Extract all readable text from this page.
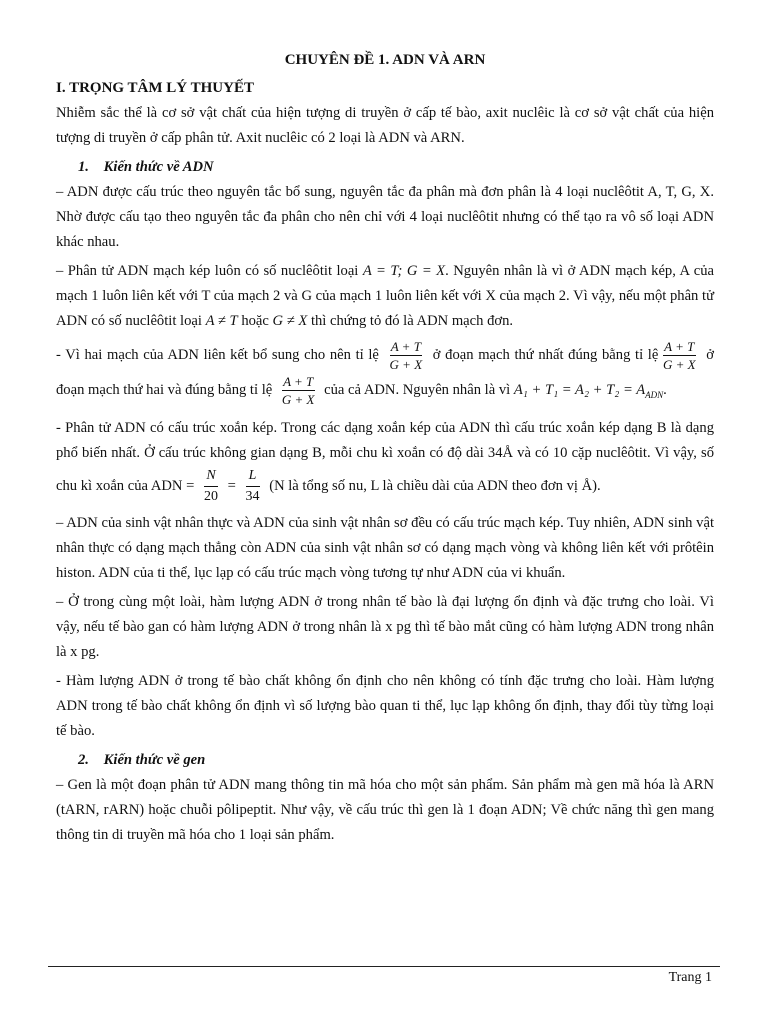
CHUYÊN ĐỀ 1. ADN VÀ ARN
I. TRỌNG TÂM LÝ THUYẾT

Nhiễm sắc thể là cơ sở vật chất của hiện tượng di truyền ở cấp tế bào, axit nuclêic là cơ sở vật chất của hiện tượng di truyền ở cấp phân tử. Axit nuclêic có 2 loại là ADN và ARN.

1. Kiến thức về ADN

– ADN được cấu trúc theo nguyên tắc bổ sung, nguyên tắc đa phân mà đơn phân là 4 loại nuclêôtit A, T, G, X. Nhờ được cấu tạo theo nguyên tắc đa phân cho nên chỉ với 4 loại nuclêôtit nhưng có thể tạo ra vô số loại ADN khác nhau.

– Phân tử ADN mạch kép luôn có số nuclêôtit loại A = T; G = X. Nguyên nhân là vì ở ADN mạch kép, A của mạch 1 luôn liên kết với T của mạch 2 và G của mạch 1 luôn liên kết với X của mạch 2. Vì vậy, nếu một phân tử ADN có số nuclêôtit loại A ≠ T hoặc G ≠ X thì chứng tỏ đó là ADN mạch đơn.

- Vì hai mạch của ADN liên kết bổ sung cho nên tỉ lệ $\frac{A + T}{G + X}$ ở đoạn mạch thứ nhất đúng bằng tỉ lệ $\frac{A + T}{G + X}$ ở đoạn mạch thứ hai và đúng bằng tỉ lệ $\frac{A + T}{G + X}$ của cả ADN. Nguyên nhân là vì $A_1 + T_1 = A_2 + T_2 = A_{ADN}$.

- Phân tử ADN có cấu trúc xoắn kép. Trong các dạng xoắn kép của ADN thì cấu trúc xoắn kép dạng B là dạng phổ biến nhất. Ở cấu trúc không gian dạng B, mỗi chu kì xoắn có độ dài 34Å và có 10 cặp nuclêôtit. Vì vậy, số chu kì xoắn của ADN = $\frac{N}{20} = \frac{L}{34} (N$ là tổng số nu, L là chiều dài của ADN theo đơn vị Å).

– ADN của sinh vật nhân thực và ADN của sinh vật nhân sơ đều có cấu trúc mạch kép. Tuy nhiên, ADN sinh vật nhân thực có dạng mạch thẳng còn ADN của sinh vật nhân sơ có dạng mạch vòng và không liên kết với prôtêin histon. ADN của ti thể, lục lạp có cấu trúc mạch vòng tương tự như ADN của vi khuẩn.

– Ở trong cùng một loài, hàm lượng ADN ở trong nhân tế bào là đại lượng ổn định và đặc trưng cho loài. Vì vậy, nếu tế bào gan có hàm lượng ADN ở trong nhân là x pg thì tế bào mắt cũng có hàm lượng ADN trong nhân là x pg.

- Hàm lượng ADN ở trong tế bào chất không ổn định cho nên không có tính đặc trưng cho loài. Hàm lượng ADN trong tế bào chất không ổn định vì số lượng bào quan ti thể, lục lạp không ổn định, thay đổi tùy từng loại tế bào.

2. Kiến thức về gen

– Gen là một đoạn phân tử ADN mang thông tin mã hóa cho một sản phẩm. Sản phẩm mà gen mã hóa là ARN (tARN, rARN) hoặc chuỗi pôlipeptit. Như vậy, về cấu trúc thì gen là 1 đoạn ADN; Về chức năng thì gen mang thông tin di truyền mã hóa cho 1 loại sản phẩm.

Trang 1
